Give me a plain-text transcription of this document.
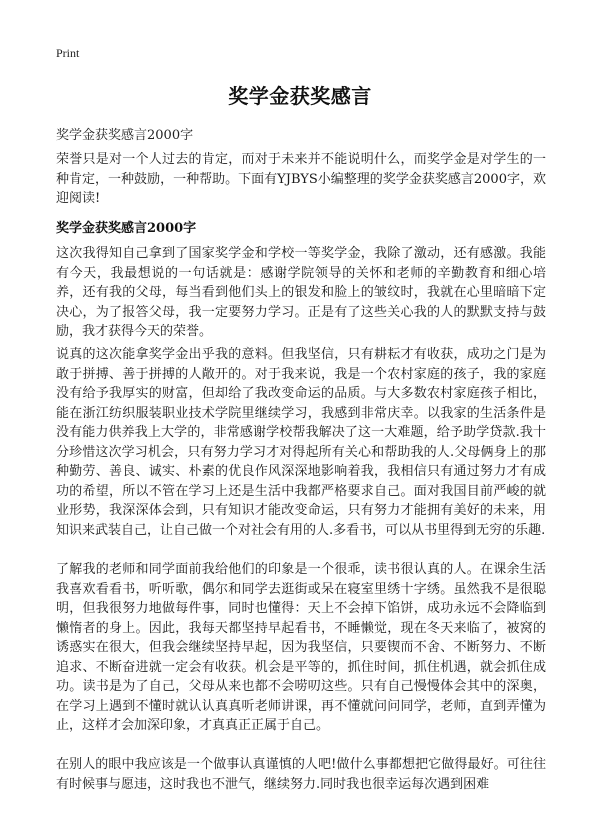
Print
奖学金获奖感言
奖学金获奖感言2000字
荣誉只是对一个人过去的肯定，而对于未来并不能说明什么，而奖学金是对学生的一种肯定，一种鼓励，一种帮助。下面有YJBYS小编整理的奖学金获奖感言2000字，欢迎阅读!
奖学金获奖感言2000字
这次我得知自己拿到了国家奖学金和学校一等奖学金，我除了激动，还有感激。我能有今天，我最想说的一句话就是：感谢学院领导的关怀和老师的辛勤教育和细心培养，还有我的父母，每当看到他们头上的银发和脸上的皱纹时，我就在心里暗暗下定决心，为了报答父母，我一定要努力学习。正是有了这些关心我的人的默默支持与鼓励，我才获得今天的荣誉。
说真的这次能拿奖学金出乎我的意料。但我坚信，只有耕耘才有收获，成功之门是为敢于拼搏、善于拼搏的人敞开的。对于我来说，我是一个农村家庭的孩子，我的家庭没有给予我厚实的财富，但却给了我改变命运的品质。与大多数农村家庭孩子相比，能在浙江纺织服装职业技术学院里继续学习，我感到非常庆幸。以我家的生活条件是没有能力供养我上大学的，非常感谢学校帮我解决了这一大难题，给予助学贷款.我十分珍惜这次学习机会，只有努力学习才对得起所有关心和帮助我的人.父母俩身上的那种勤劳、善良、诚实、朴素的优良作风深深地影响着我，我相信只有通过努力才有成功的希望，所以不管在学习上还是生活中我都严格要求自己。面对我国目前严峻的就业形势，我深深体会到，只有知识才能改变命运，只有努力才能拥有美好的未来，用知识来武装自己，让自己做一个对社会有用的人.多看书，可以从书里得到无穷的乐趣.
了解我的老师和同学面前我给他们的印象是一个很乖，读书很认真的人。在课余生活我喜欢看看书，听听歌，偶尔和同学去逛街或呆在寝室里绣十字绣。虽然我不是很聪明，但我很努力地做每件事，同时也懂得：天上不会掉下馅饼，成功永远不会降临到懒惰者的身上。因此，我每天都坚持早起看书，不睡懒觉，现在冬天来临了，被窝的诱惑实在很大，但我会继续坚持早起，因为我坚信，只要锲而不舍、不断努力、不断追求、不断奋进就一定会有收获。机会是平等的，抓住时间，抓住机遇，就会抓住成功。读书是为了自己，父母从来也都不会唠叨这些。只有自己慢慢体会其中的深奥，在学习上遇到不懂时就认认真真听老师讲课，再不懂就问问同学，老师，直到弄懂为止，这样才会加深印象，才真真正正属于自己。
在别人的眼中我应该是一个做事认真谨慎的人吧!做什么事都想把它做得最好。可往往有时候事与愿违，这时我也不泄气，继续努力.同时我也很幸运每次遇到困难
